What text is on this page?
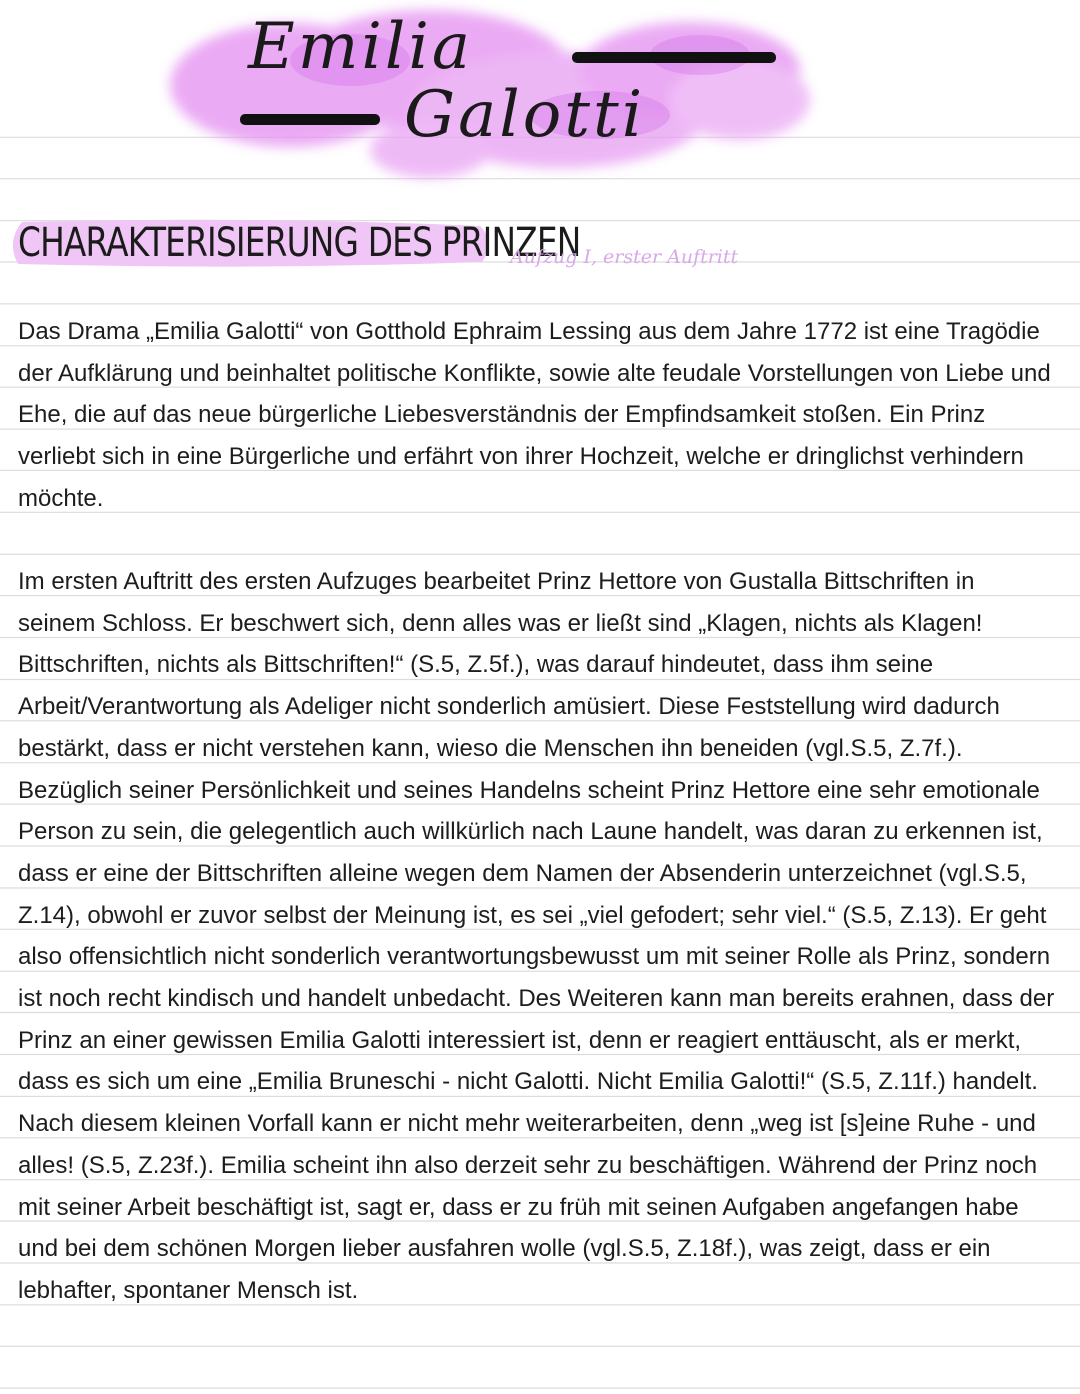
Emilia
Galotti
CHARAKTERISIERUNG DES PRINZEN
Aufzug I, erster Auftritt

Das Drama „Emilia Galotti“ von Gotthold Ephraim Lessing aus dem Jahre 1772 ist eine Tragödie der Aufklärung und beinhaltet politische Konflikte, sowie alte feudale Vorstellungen von Liebe und Ehe, die auf das neue bürgerliche Liebesverständnis der Empfindsamkeit stoßen. Ein Prinz verliebt sich in eine Bürgerliche und erfährt von ihrer Hochzeit, welche er dringlichst verhindern möchte.

Im ersten Auftritt des ersten Aufzuges bearbeitet Prinz Hettore von Gustalla Bittschriften in seinem Schloss. Er beschwert sich, denn alles was er ließt sind „Klagen, nichts als Klagen! Bittschriften, nichts als Bittschriften!“ (S.5, Z.5f.), was darauf hindeutet, dass ihm seine Arbeit/Verantwortung als Adeliger nicht sonderlich amüsiert. Diese Feststellung wird dadurch bestärkt, dass er nicht verstehen kann, wieso die Menschen ihn beneiden (vgl.S.5, Z.7f.). Bezüglich seiner Persönlichkeit und seines Handelns scheint Prinz Hettore eine sehr emotionale Person zu sein, die gelegentlich auch willkürlich nach Laune handelt, was daran zu erkennen ist, dass er eine der Bittschriften alleine wegen dem Namen der Absenderin unterzeichnet (vgl.S.5, Z.14), obwohl er zuvor selbst der Meinung ist, es sei „viel gefodert; sehr viel.“ (S.5, Z.13). Er geht also offensichtlich nicht sonderlich verantwortungsbewusst um mit seiner Rolle als Prinz, sondern ist noch recht kindisch und handelt unbedacht. Des Weiteren kann man bereits erahnen, dass der Prinz an einer gewissen Emilia Galotti interessiert ist, denn er reagiert enttäuscht, als er merkt, dass es sich um eine „Emilia Bruneschi - nicht Galotti. Nicht Emilia Galotti!“ (S.5, Z.11f.) handelt. Nach diesem kleinen Vorfall kann er nicht mehr weiterarbeiten, denn „weg ist [s]eine Ruhe - und alles! (S.5, Z.23f.). Emilia scheint ihn also derzeit sehr zu beschäftigen. Während der Prinz noch mit seiner Arbeit beschäftigt ist, sagt er, dass er zu früh mit seinen Aufgaben angefangen habe und bei dem schönen Morgen lieber ausfahren wolle (vgl.S.5, Z.18f.), was zeigt, dass er ein lebhafter, spontaner Mensch ist.
